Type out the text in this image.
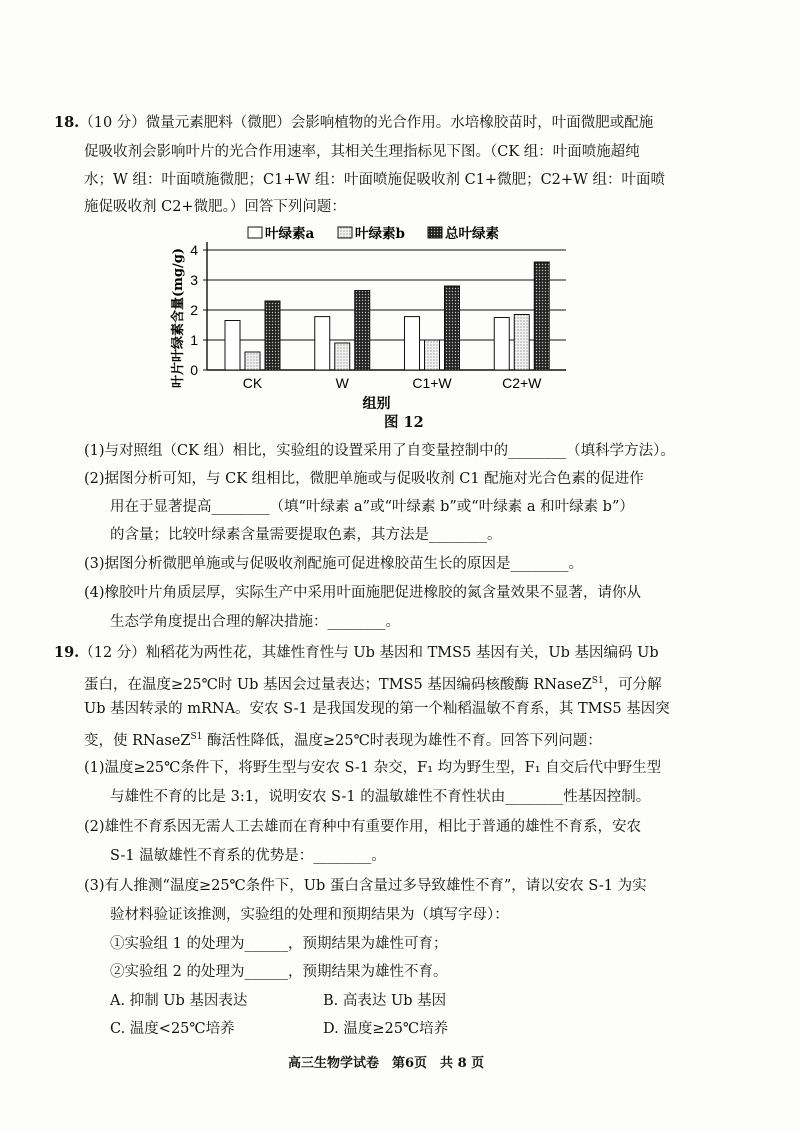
18.（10 分）微量元素肥料（微肥）会影响植物的光合作用。水培橡胶苗时，叶面微肥或配施
促吸收剂会影响叶片的光合作用速率，其相关生理指标见下图。（CK 组：叶面喷施超纯
水；W 组：叶面喷施微肥；C1+W 组：叶面喷施促吸收剂 C1+微肥；C2+W 组：叶面喷
施促吸收剂 C2+微肥。）回答下列问题：
0
1
2
3
4
叶片叶绿素含量(mg/g)	CK	W	C1+W	C2+W
组别
叶绿素a	叶绿素b	总叶绿素
图 12
(1)与对照组（CK 组）相比，实验组的设置采用了自变量控制中的________（填科学方法）。
(2)据图分析可知，与 CK 组相比，微肥单施或与促吸收剂 C1 配施对光合色素的促进作
用在于显著提高________（填“叶绿素 a”或“叶绿素 b”或“叶绿素 a 和叶绿素 b”）
的含量；比较叶绿素含量需要提取色素，其方法是________。
(3)据图分析微肥单施或与促吸收剂配施可促进橡胶苗生长的原因是________。
(4)橡胶叶片角质层厚，实际生产中采用叶面施肥促进橡胶的氮含量效果不显著，请你从
生态学角度提出合理的解决措施：________。
19.（12 分）籼稻花为两性花，其雄性育性与 Ub 基因和 TMS5 基因有关，Ub 基因编码 Ub
蛋白，在温度≥25℃时 Ub 基因会过量表达；TMS5 基因编码核酸酶 RNaseZ$^{S1}$，可分解
Ub 基因转录的 mRNA。安农 S-1 是我国发现的第一个籼稻温敏不育系，其 TMS5 基因突
变，使 RNaseZ$^{S1}$ 酶活性降低，温度≥25℃时表现为雄性不育。回答下列问题：
(1)温度≥25℃条件下，将野生型与安农 S-1 杂交，F₁ 均为野生型，F₁ 自交后代中野生型
与雄性不育的比是 3:1，说明安农 S-1 的温敏雄性不育性状由________性基因控制。
(2)雄性不育系因无需人工去雄而在育种中有重要作用，相比于普通的雄性不育系，安农
S-1 温敏雄性不育系的优势是：________。
(3)有人推测“温度≥25℃条件下，Ub 蛋白含量过多导致雄性不育”，请以安农 S-1 为实
验材料验证该推测，实验组的处理和预期结果为（填写字母）：
①实验组 1 的处理为______，预期结果为雄性可育；
②实验组 2 的处理为______，预期结果为雄性不育。
A. 抑制 Ub 基因表达	B. 高表达 Ub 基因
C. 温度<25℃培养	D. 温度≥25℃培养
高三生物学试卷　第6页　共 8 页
